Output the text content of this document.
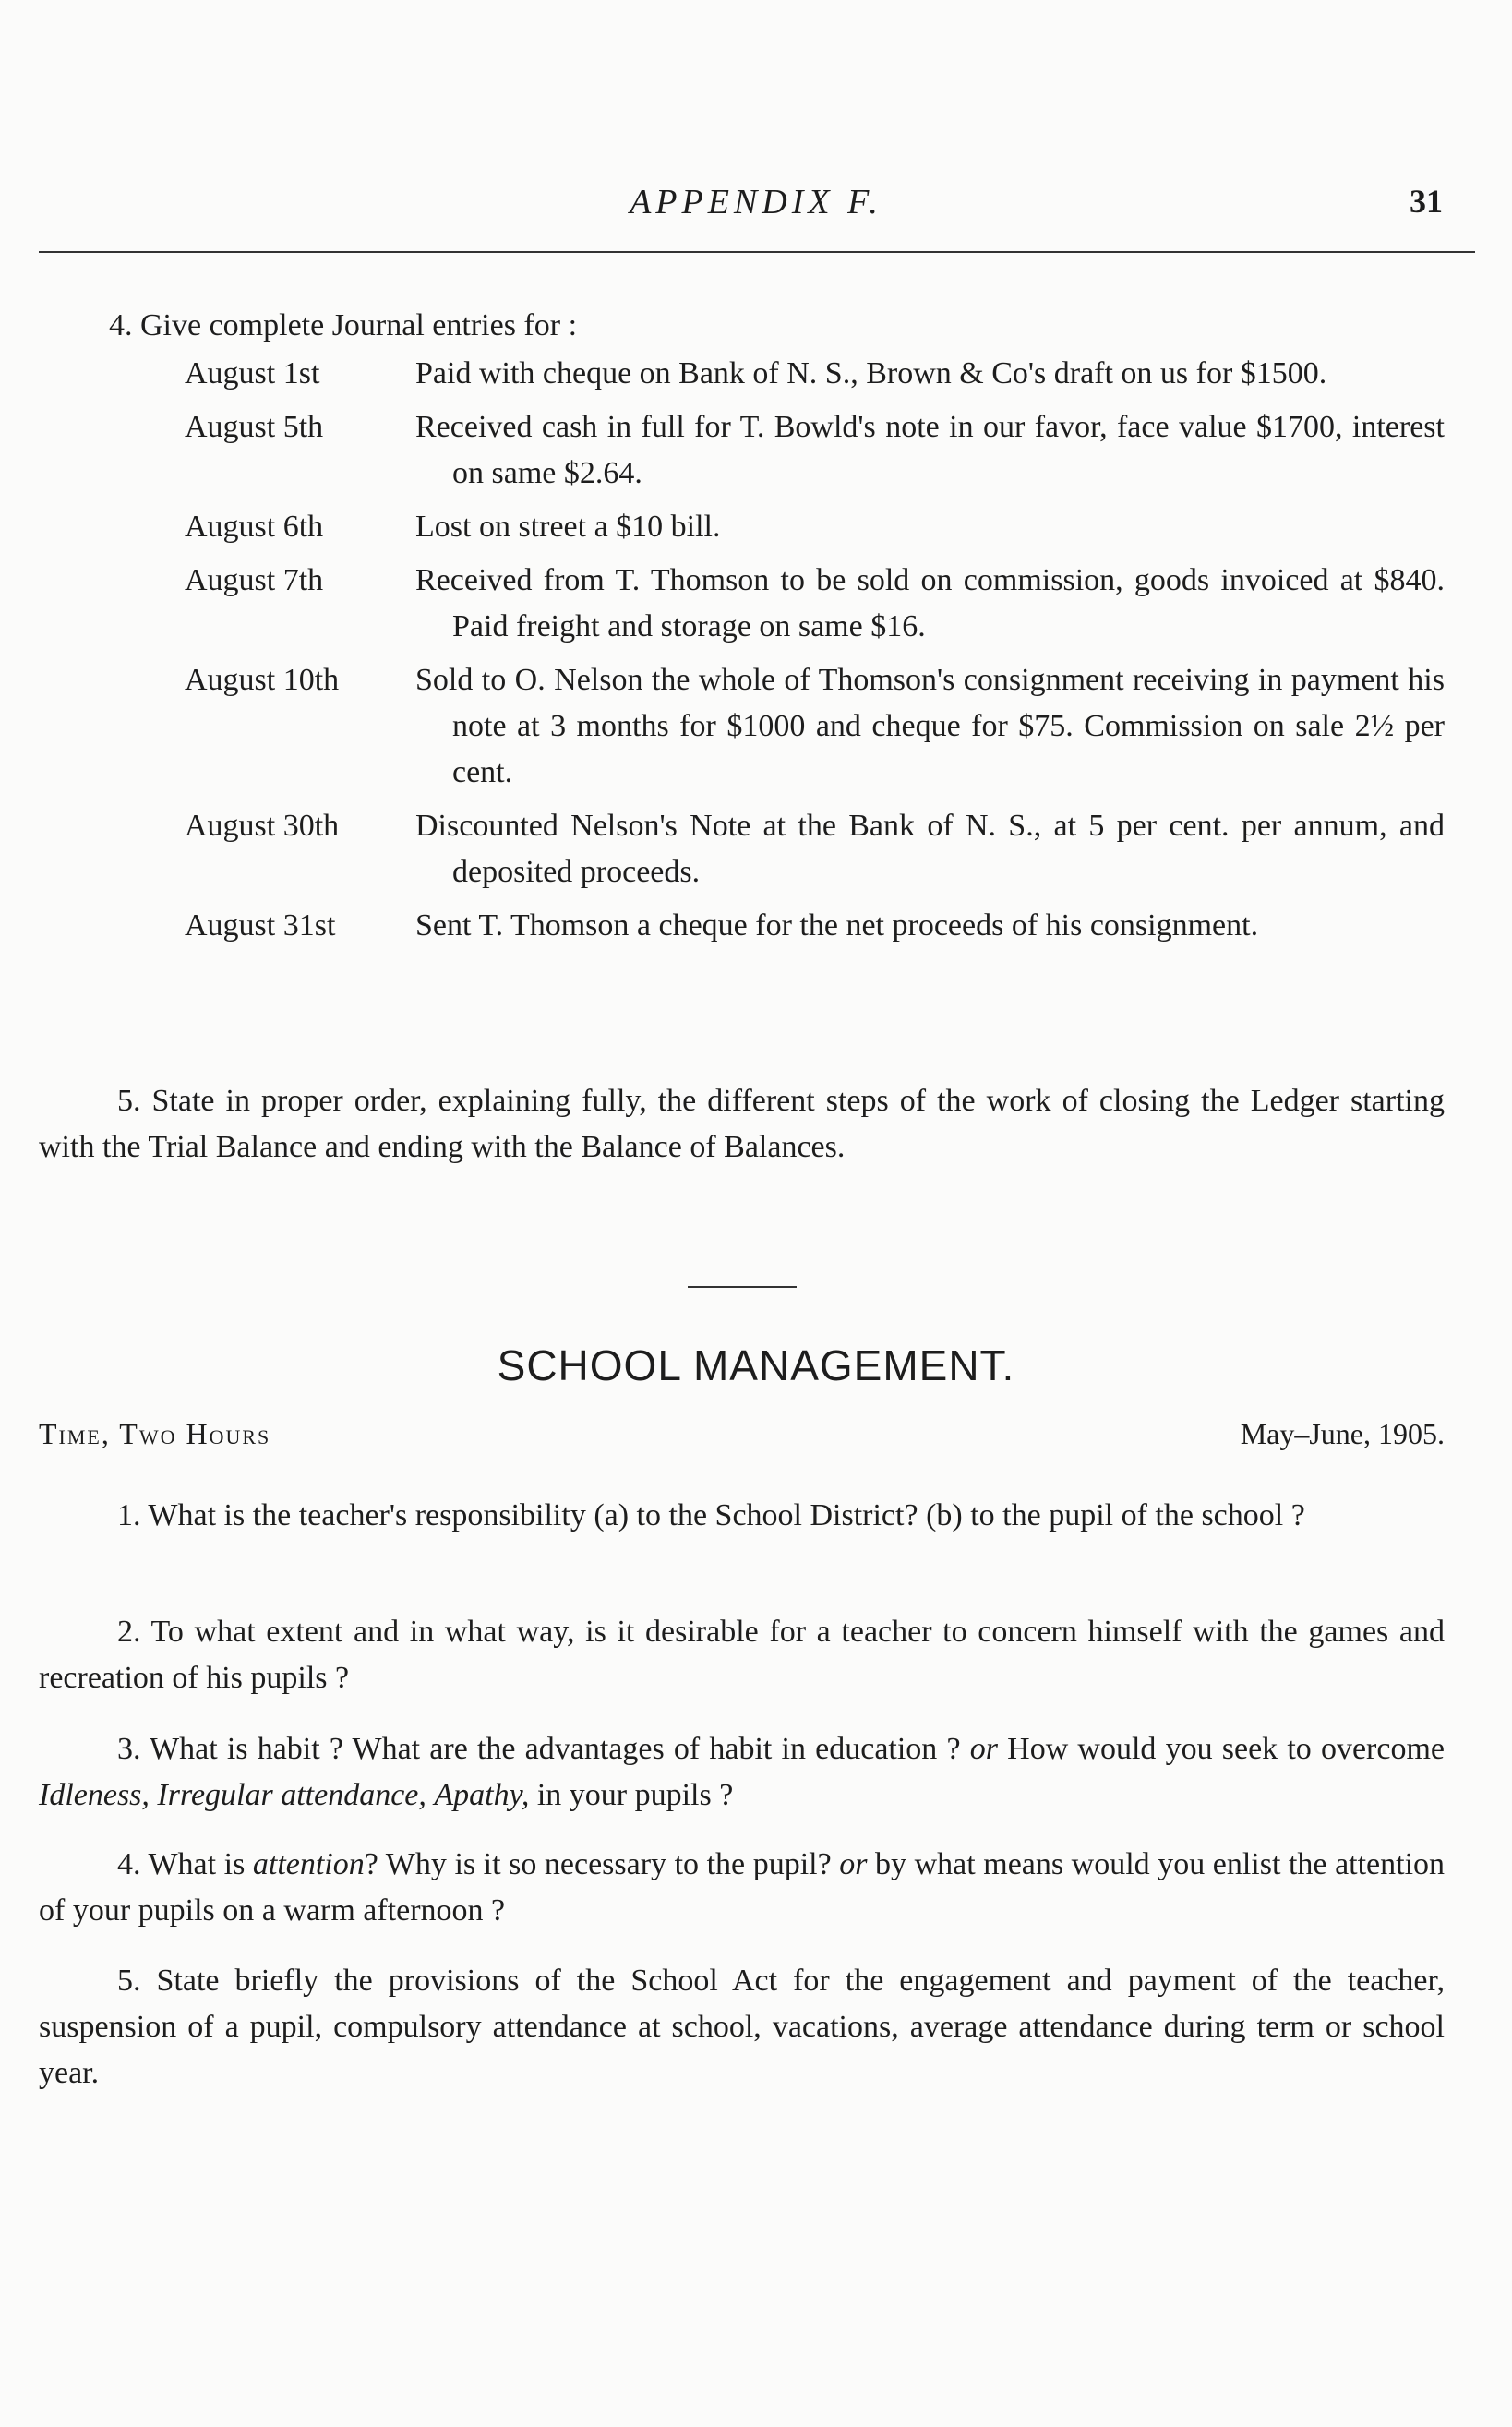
APPENDIX F.	31
4. Give complete Journal entries for :
August 1st	Paid with cheque on Bank of N. S., Brown & Co's draft on us for $1500.
August 5th	Received cash in full for T. Bowld's note in our favor, face value $1700, interest on same $2.64.
August 6th	Lost on street a $10 bill.
August 7th	Received from T. Thomson to be sold on commission, goods invoiced at $840. Paid freight and storage on same $16.
August 10th	Sold to O. Nelson the whole of Thomson's consignment receiving in payment his note at 3 months for $1000 and cheque for $75. Commission on sale 2½ per cent.
August 30th	Discounted Nelson's Note at the Bank of N. S., at 5 per cent. per annum, and deposited proceeds.
August 31st	Sent T. Thomson a cheque for the net proceeds of his consignment.
5. State in proper order, explaining fully, the different steps of the work of closing the Ledger starting with the Trial Balance and ending with the Balance of Balances.
SCHOOL MANAGEMENT.
Time, Two Hours	May–June, 1905.
1. What is the teacher's responsibility (a) to the School District? (b) to the pupil of the school ?
2. To what extent and in what way, is it desirable for a teacher to concern himself with the games and recreation of his pupils ?
3. What is habit ? What are the advantages of habit in education ? or How would you seek to overcome Idleness, Irregular attendance, Apathy, in your pupils ?
4. What is attention? Why is it so necessary to the pupil? or by what means would you enlist the attention of your pupils on a warm afternoon ?
5. State briefly the provisions of the School Act for the engagement and payment of the teacher, suspension of a pupil, compulsory attendance at school, vacations, average attendance during term or school year.
